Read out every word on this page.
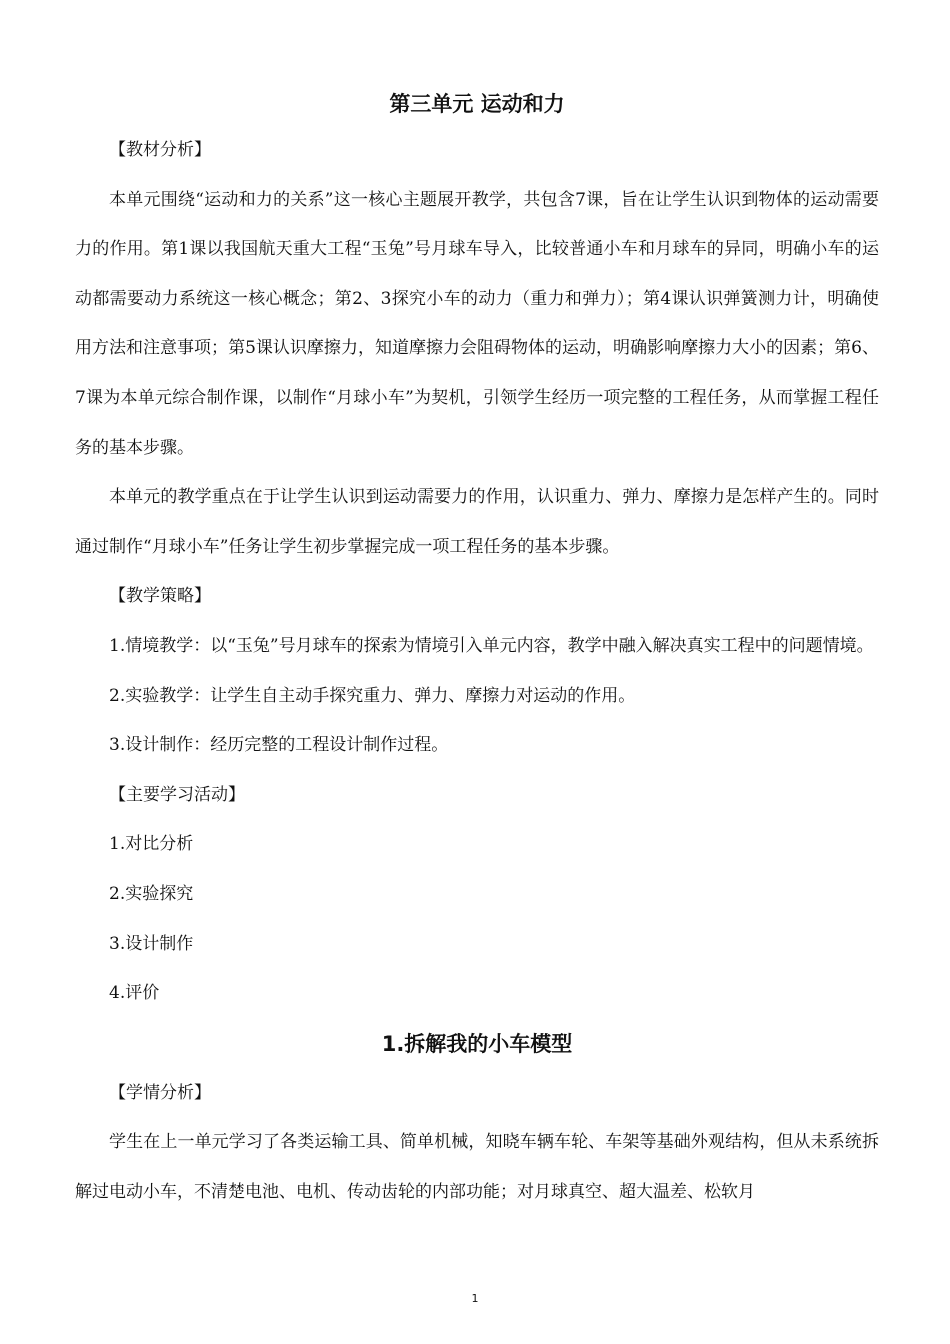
第三单元 运动和力

【教材分析】

本单元围绕“运动和力的关系”这一核心主题展开教学，共包含7课，旨在让学生认识到物体的运动需要力的作用。第1课以我国航天重大工程“玉兔”号月球车导入，比较普通小车和月球车的异同，明确小车的运动都需要动力系统这一核心概念；第2、3探究小车的动力（重力和弹力）；第4课认识弹簧测力计，明确使用方法和注意事项；第5课认识摩擦力，知道摩擦力会阻碍物体的运动，明确影响摩擦力大小的因素；第6、7课为本单元综合制作课，以制作“月球小车”为契机，引领学生经历一项完整的工程任务，从而掌握工程任务的基本步骤。

本单元的教学重点在于让学生认识到运动需要力的作用，认识重力、弹力、摩擦力是怎样产生的。同时通过制作“月球小车”任务让学生初步掌握完成一项工程任务的基本步骤。

【教学策略】

1.情境教学：以“玉兔”号月球车的探索为情境引入单元内容，教学中融入解决真实工程中的问题情境。

2.实验教学：让学生自主动手探究重力、弹力、摩擦力对运动的作用。

3.设计制作：经历完整的工程设计制作过程。

【主要学习活动】

1.对比分析

2.实验探究

3.设计制作

4.评价

1.拆解我的小车模型

【学情分析】

学生在上一单元学习了各类运输工具、简单机械，知晓车辆车轮、车架等基础外观结构，但从未系统拆解过电动小车，不清楚电池、电机、传动齿轮的内部功能；对月球真空、超大温差、松软月

1
